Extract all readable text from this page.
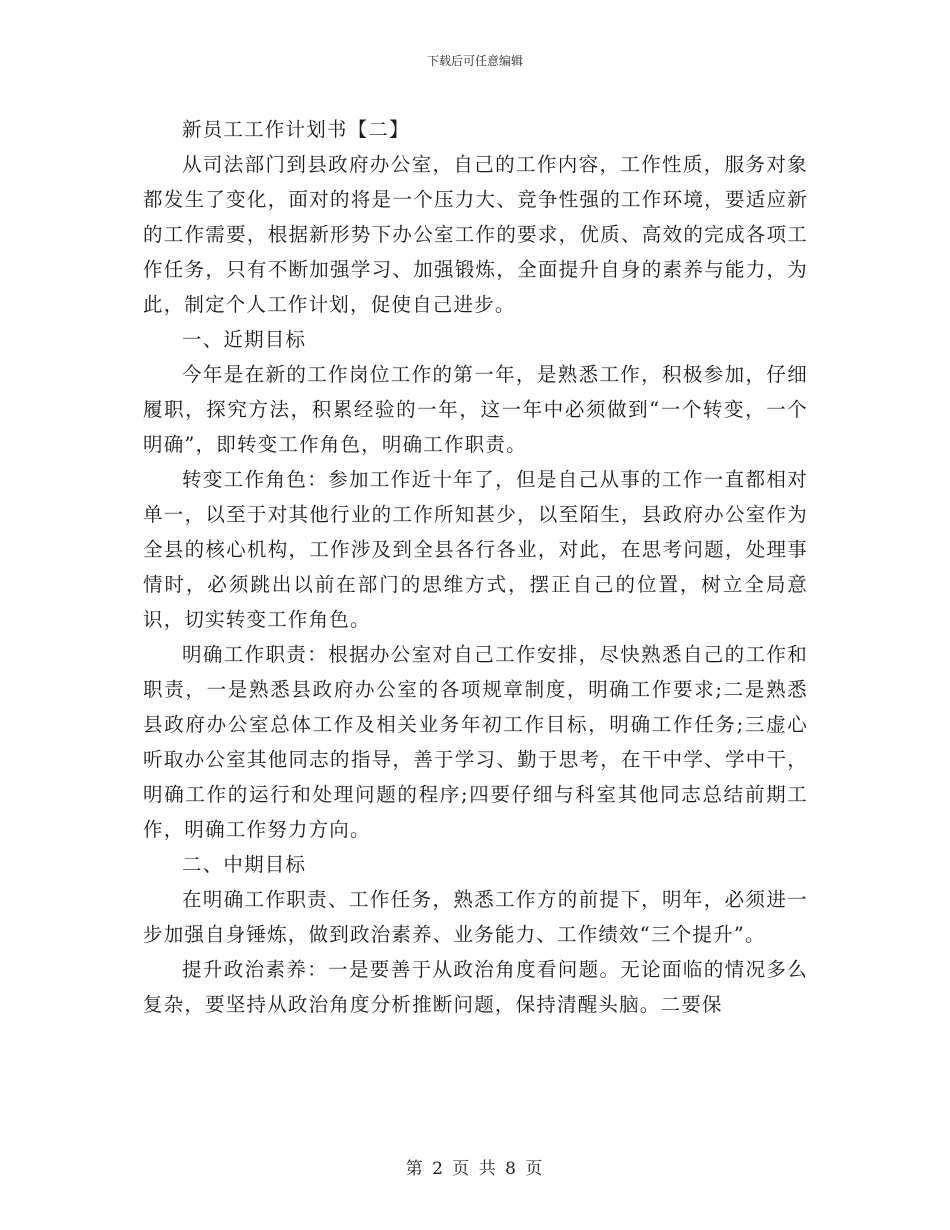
下载后可任意编辑

新员工工作计划书【二】

从司法部门到县政府办公室，自己的工作内容，工作性质，服务对象都发生了变化，面对的将是一个压力大、竞争性强的工作环境，要适应新的工作需要，根据新形势下办公室工作的要求，优质、高效的完成各项工作任务，只有不断加强学习、加强锻炼，全面提升自身的素养与能力，为此，制定个人工作计划，促使自己进步。

一、近期目标

今年是在新的工作岗位工作的第一年，是熟悉工作，积极参加，仔细履职，探究方法，积累经验的一年，这一年中必须做到“一个转变，一个明确”，即转变工作角色，明确工作职责。

转变工作角色：参加工作近十年了，但是自己从事的工作一直都相对单一，以至于对其他行业的工作所知甚少，以至陌生，县政府办公室作为全县的核心机构，工作涉及到全县各行各业，对此，在思考问题，处理事情时，必须跳出以前在部门的思维方式，摆正自己的位置，树立全局意识，切实转变工作角色。

明确工作职责：根据办公室对自己工作安排，尽快熟悉自己的工作和职责，一是熟悉县政府办公室的各项规章制度，明确工作要求;二是熟悉县政府办公室总体工作及相关业务年初工作目标，明确工作任务;三虚心听取办公室其他同志的指导，善于学习、勤于思考，在干中学、学中干，明确工作的运行和处理问题的程序;四要仔细与科室其他同志总结前期工作，明确工作努力方向。

二、中期目标

在明确工作职责、工作任务，熟悉工作方的前提下，明年，必须进一步加强自身锤炼，做到政治素养、业务能力、工作绩效“三个提升”。

提升政治素养：一是要善于从政治角度看问题。无论面临的情况多么复杂，要坚持从政治角度分析推断问题，保持清醒头脑。二要保

第 2 页 共 8 页
